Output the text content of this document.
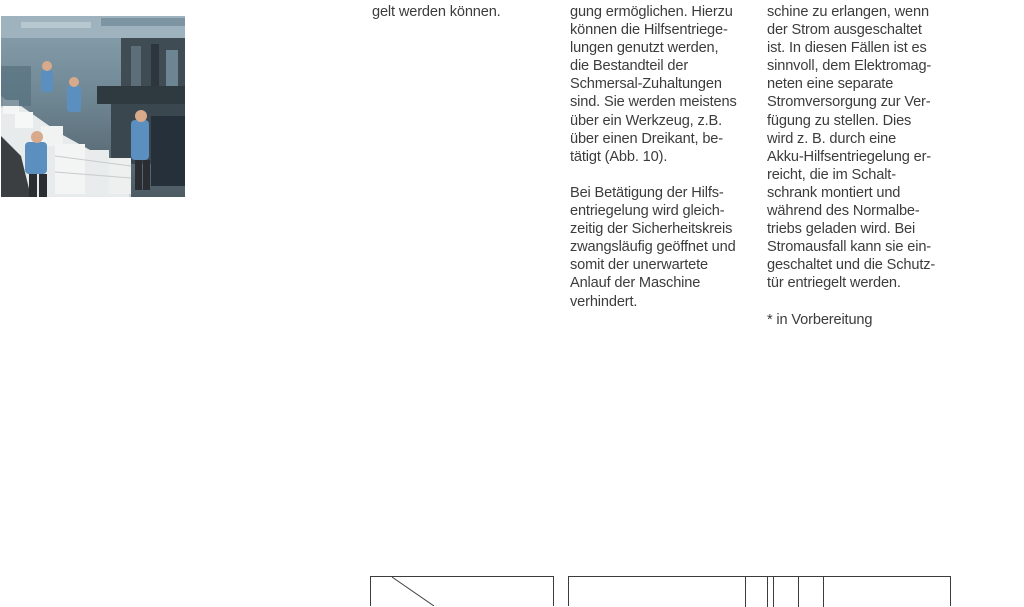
gelt werden können.	gung ermöglichen. Hierzu
können die Hilfsentriege-
lungen genutzt werden,
die Bestandteil der
Schmersal-Zuhaltungen
sind. Sie werden meistens
über ein Werkzeug, z.B.
über einen Dreikant, be-
tätigt (Abb. 10).

Bei Betätigung der Hilfs-
entriegelung wird gleich-
zeitig der Sicherheitskreis
zwangsläufig geöffnet und
somit der unerwartete
Anlauf der Maschine
verhindert.

schine zu erlangen, wenn
der Strom ausgeschaltet
ist. In diesen Fällen ist es
sinnvoll, dem Elektromag-
neten eine separate
Stromversorgung zur Ver-
fügung zu stellen. Dies
wird z. B. durch eine
Akku-Hilfsentriegelung er-
reicht, die im Schalt-
schrank montiert und
während des Normalbe-
triebs geladen wird. Bei
Stromausfall kann sie ein-
geschaltet und die Schutz-
tür entriegelt werden.

* in Vorbereitung
